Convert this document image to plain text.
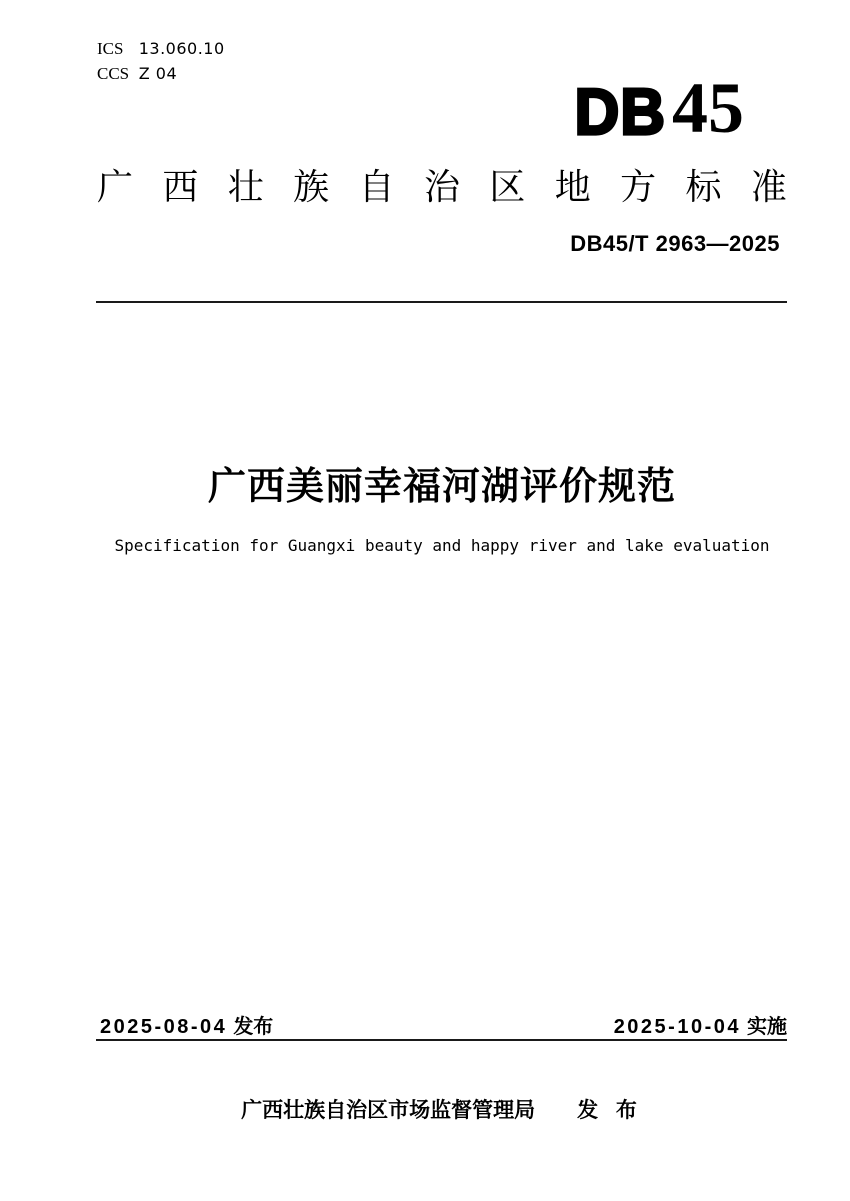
ICS 13.060.10
CCS Z 04
DB 45
广 西 壮 族 自 治 区 地 方 标 准
DB45/T 2963—2025
广西美丽幸福河湖评价规范
Specification for Guangxi beauty and happy river and lake evaluation
2025-08-04 发布	2025-10-04 实施
广西壮族自治区市场监督管理局 发 布
